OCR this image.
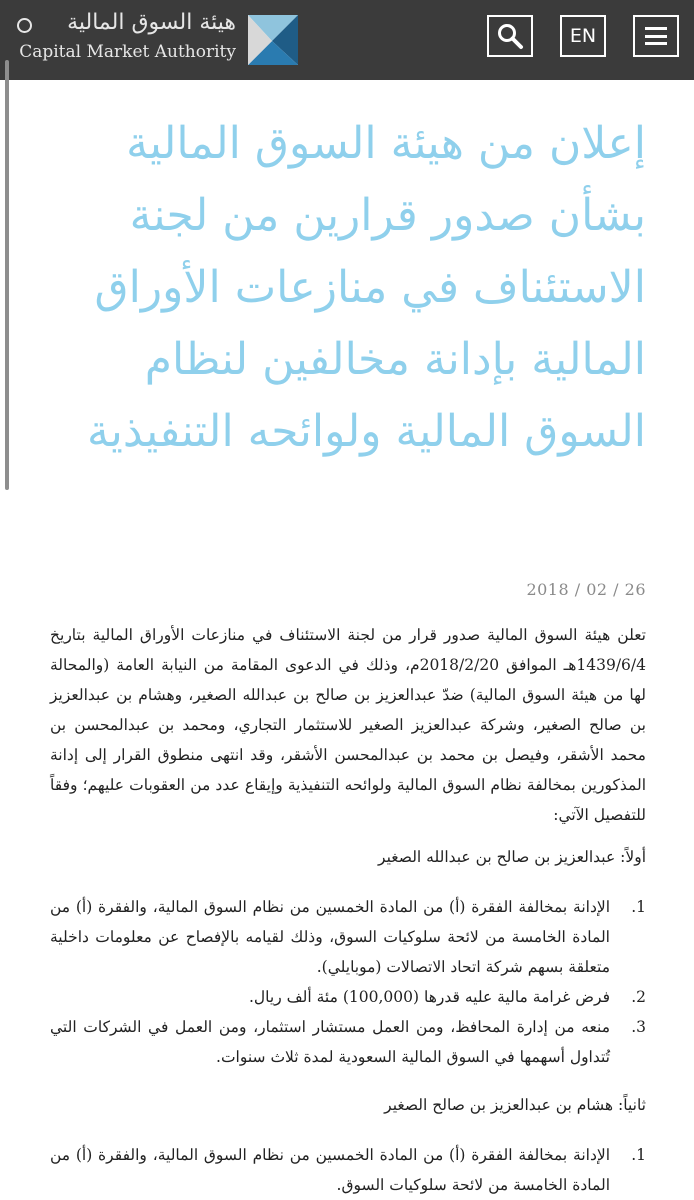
هيئة السوق المالية
Capital Market Authority
EN
إعلان من هيئة السوق المالية بشأن صدور قرارين من لجنة الاستئناف في منازعات الأوراق المالية بإدانة مخالفين لنظام السوق المالية ولوائحه التنفيذية
2018 / 02 / 26

تعلن هيئة السوق المالية صدور قرار من لجنة الاستئناف في منازعات الأوراق المالية بتاريخ 1439/6/4هـ الموافق 2018/2/20م، وذلك في الدعوى المقامة من النيابة العامة (والمحالة لها من هيئة السوق المالية) ضدّ عبدالعزيز بن صالح بن عبدالله الصغير، وهشام بن عبدالعزيز بن صالح الصغير، وشركة عبدالعزيز الصغير للاستثمار التجاري، ومحمد بن عبدالمحسن بن محمد الأشقر، وفيصل بن محمد بن عبدالمحسن الأشقر، وقد انتهى منطوق القرار إلى إدانة المذكورين بمخالفة نظام السوق المالية ولوائحه التنفيذية وإيقاع عدد من العقوبات عليهم؛ وفقاً للتفصيل الآتي:

أولاً: عبدالعزيز بن صالح بن عبدالله الصغير

1.
الإدانة بمخالفة الفقرة (أ) من المادة الخمسين من نظام السوق المالية، والفقرة (أ) من المادة الخامسة من لائحة سلوكيات السوق، وذلك لقيامه بالإفصاح عن معلومات داخلية متعلقة بسهم شركة اتحاد الاتصالات (موبايلي).
2.
فرض غرامة مالية عليه قدرها (100,000) مئة ألف ريال.
3.
منعه من إدارة المحافظ، ومن العمل مستشار استثمار، ومن العمل في الشركات التي تُتداول أسهمها في السوق المالية السعودية لمدة ثلاث سنوات.

ثانياً: هشام بن عبدالعزيز بن صالح الصغير

1.
الإدانة بمخالفة الفقرة (أ) من المادة الخمسين من نظام السوق المالية، والفقرة (أ) من المادة الخامسة من لائحة سلوكيات السوق.
